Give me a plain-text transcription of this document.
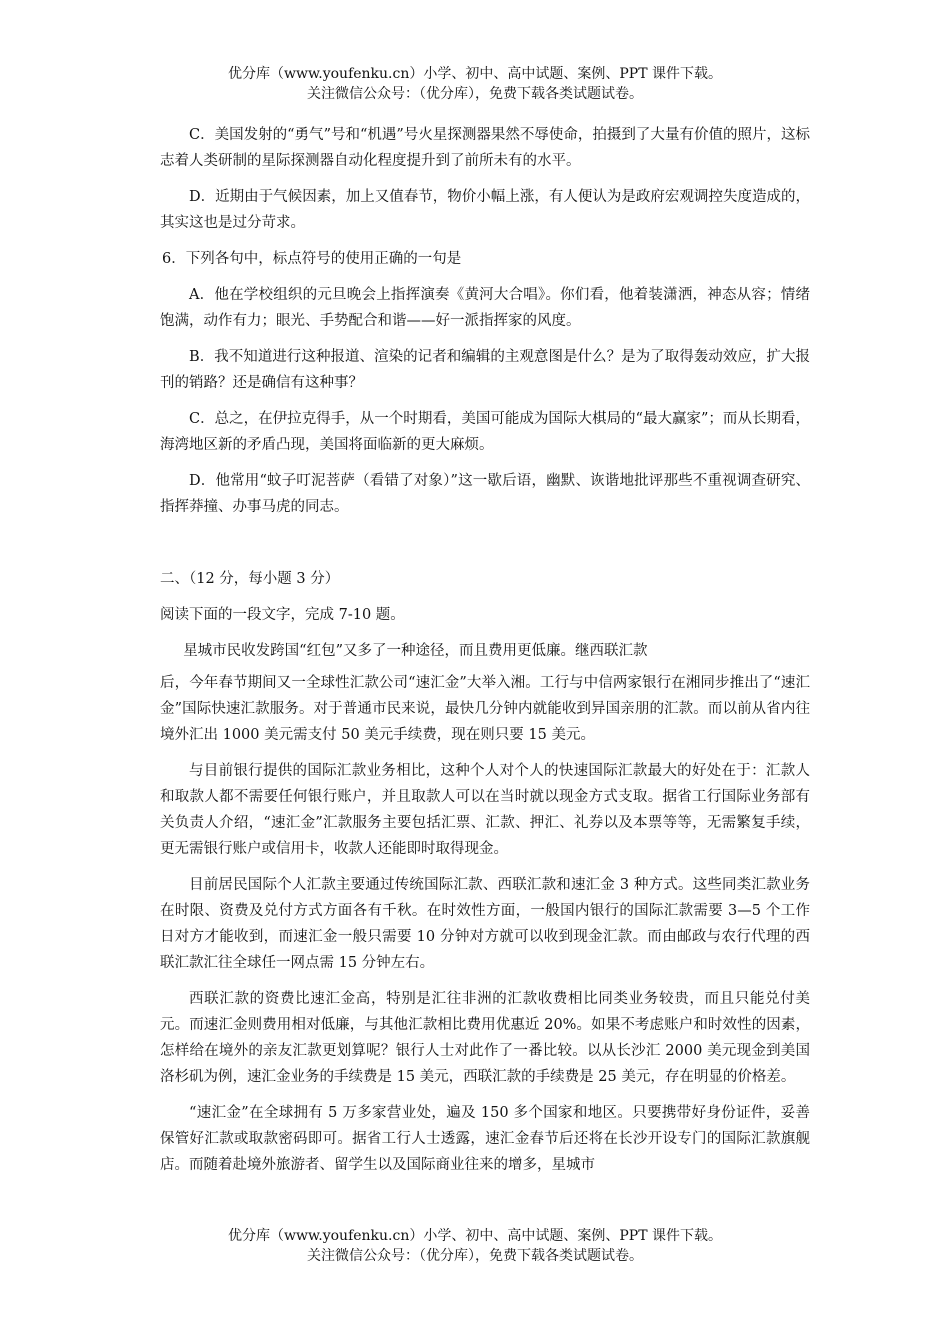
优分库（www.youfenku.cn）小学、初中、高中试题、案例、PPT 课件下载。
关注微信公众号：（优分库），免费下载各类试题试卷。

C．美国发射的“勇气”号和“机遇”号火星探测器果然不辱使命，拍摄到了大量有价值的照片，这标志着人类研制的星际探测器自动化程度提升到了前所未有的水平。

D．近期由于气候因素，加上又值春节，物价小幅上涨，有人便认为是政府宏观调控失度造成的，其实这也是过分苛求。

6．下列各句中，标点符号的使用正确的一句是

A．他在学校组织的元旦晚会上指挥演奏《黄河大合唱》。你们看，他着装潇洒，神态从容；情绪饱满，动作有力；眼光、手势配合和谐——好一派指挥家的风度。

B．我不知道进行这种报道、渲染的记者和编辑的主观意图是什么？是为了取得轰动效应，扩大报刊的销路？还是确信有这种事？

C．总之，在伊拉克得手，从一个时期看，美国可能成为国际大棋局的“最大赢家”；而从长期看，海湾地区新的矛盾凸现，美国将面临新的更大麻烦。

D．他常用“蚊子叮泥菩萨（看错了对象）”这一歇后语，幽默、诙谐地批评那些不重视调查研究、指挥莽撞、办事马虎的同志。

二、（12 分，每小题 3 分）

阅读下面的一段文字，完成 7-10 题。

星城市民收发跨国“红包”又多了一种途径，而且费用更低廉。继西联汇款

后，今年春节期间又一全球性汇款公司“速汇金”大举入湘。工行与中信两家银行在湘同步推出了“速汇金”国际快速汇款服务。对于普通市民来说，最快几分钟内就能收到异国亲朋的汇款。而以前从省内往境外汇出 1000 美元需支付 50 美元手续费，现在则只要 15 美元。

与目前银行提供的国际汇款业务相比，这种个人对个人的快速国际汇款最大的好处在于：汇款人和取款人都不需要任何银行账户，并且取款人可以在当时就以现金方式支取。据省工行国际业务部有关负责人介绍，“速汇金”汇款服务主要包括汇票、汇款、押汇、礼券以及本票等等，无需繁复手续，更无需银行账户或信用卡，收款人还能即时取得现金。

目前居民国际个人汇款主要通过传统国际汇款、西联汇款和速汇金 3 种方式。这些同类汇款业务在时限、资费及兑付方式方面各有千秋。在时效性方面，一般国内银行的国际汇款需要 3—5 个工作日对方才能收到，而速汇金一般只需要 10 分钟对方就可以收到现金汇款。而由邮政与农行代理的西联汇款汇往全球任一网点需 15 分钟左右。

西联汇款的资费比速汇金高，特别是汇往非洲的汇款收费相比同类业务较贵，而且只能兑付美元。而速汇金则费用相对低廉，与其他汇款相比费用优惠近 20%。如果不考虑账户和时效性的因素，怎样给在境外的亲友汇款更划算呢？银行人士对此作了一番比较。以从长沙汇 2000 美元现金到美国洛杉矶为例，速汇金业务的手续费是 15 美元，西联汇款的手续费是 25 美元，存在明显的价格差。

“速汇金”在全球拥有 5 万多家营业处，遍及 150 多个国家和地区。只要携带好身份证件，妥善保管好汇款或取款密码即可。据省工行人士透露，速汇金春节后还将在长沙开设专门的国际汇款旗舰店。而随着赴境外旅游者、留学生以及国际商业往来的增多，星城市

优分库（www.youfenku.cn）小学、初中、高中试题、案例、PPT 课件下载。
关注微信公众号：（优分库），免费下载各类试题试卷。
